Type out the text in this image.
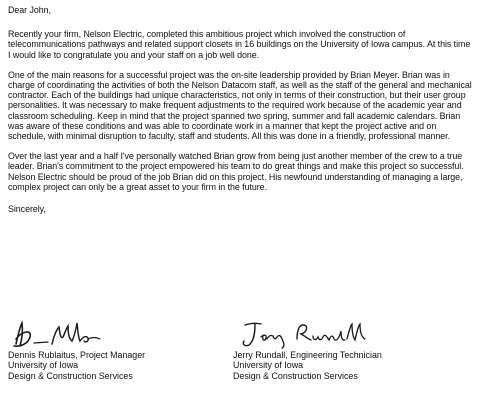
Dear John,

Recently your firm, Nelson Electric, completed this ambitious project which involved the construction of telecommunications pathways and related support closets in 16 buildings on the University of Iowa campus. At this time I would like to congratulate you and your staff on a job well done.

One of the main reasons for a successful project was the on-site leadership provided by Brian Meyer. Brian was in charge of coordinating the activities of both the Nelson Datacom staff, as well as the staff of the general and mechanical contractor. Each of the buildings had unique characteristics, not only in terms of their construction, but their user group personalities. It was necessary to make frequent adjustments to the required work because of the academic year and classroom scheduling. Keep in mind that the project spanned two spring, summer and fall academic calendars. Brian was aware of these conditions and was able to coordinate work in a manner that kept the project active and on schedule, with minimal disruption to faculty, staff and students. All this was done in a friendly, professional manner.

Over the last year and a half I've personally watched Brian grow from being just another member of the crew to a true leader. Brian's commitment to the project empowered his team to do great things and make this project so successful. Nelson Electric should be proud of the job Brian did on this project. His newfound understanding of managing a large, complex project can only be a great asset to your firm in the future.

Sincerely,

Dennis Rublaitus, Project Manager
University of Iowa
Design & Construction Services
Jerry Rundall, Engineering Technician
University of Iowa
Design & Construction Services
